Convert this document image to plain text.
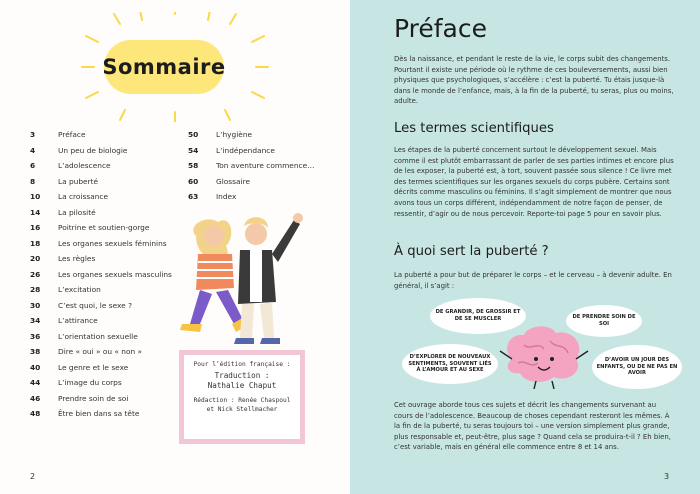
Sommaire
3	Préface
4	Un peu de biologie
6	L’adolescence
8	La puberté
10	La croissance
14	La pilosité
16	Poitrine et soutien-gorge
18	Les organes sexuels féminins
20	Les règles
26	Les organes sexuels masculins
28	L’excitation
30	C’est quoi, le sexe ?
34	L’attirance
36	L’orientation sexuelle
38	Dire « oui » ou « non »
40	Le genre et le sexe
44	L’image du corps
46	Prendre soin de soi
48	Être bien dans sa tête
50	L’hygiène
54	L’indépendance
58	Ton aventure commence…
60	Glossaire
63	Index
Pour l’édition française :
Traduction :
Nathalie Chaput
Rédaction : Renée Chaspoul
et Nick Stellmacher
2
Préface
Dès la naissance, et pendant le reste de la vie, le corps subit des changements. Pourtant il existe une période où le rythme de ces bouleversements, aussi bien physiques que psychologiques, s’accélère : c’est la puberté. Tu étais jusque-là dans le monde de l’enfance, mais, à la fin de la puberté, tu seras, plus ou moins, adulte.
Les termes scientifiques
Les étapes de la puberté concernent surtout le développement sexuel. Mais comme il est plutôt embarrassant de parler de ses parties intimes et encore plus de les exposer, la puberté est, à tort, souvent passée sous silence ! Ce livre met des termes scientifiques sur les organes sexuels du corps pubère. Certains sont décrits comme masculins ou féminins. Il s’agit simplement de montrer que nous avons tous un corps différent, indépendamment de notre façon de penser, de ressentir, d’agir ou de nous percevoir. Reporte-toi page 5 pour en savoir plus.
À quoi sert la puberté ?
La puberté a pour but de préparer le corps – et le cerveau – à devenir adulte. En général, il s’agit :
DE GRANDIR, DE GROSSIR ET DE SE MUSCLER	DE PRENDRE SOIN DE SOI
D’EXPLORER DE NOUVEAUX SENTIMENTS, SOUVENT LIÉS À L’AMOUR ET AU SEXE
D’AVOIR UN JOUR DES ENFANTS, OU DE NE PAS EN AVOIR
Cet ouvrage aborde tous ces sujets et décrit les changements survenant au cours de l’adolescence. Beaucoup de choses cependant resteront les mêmes. À la fin de la puberté, tu seras toujours toi – une version simplement plus grande, plus responsable et, peut-être, plus sage ? Quand cela se produira-t-il ? Eh bien, c’est variable, mais en général elle commence entre 8 et 14 ans.
3
